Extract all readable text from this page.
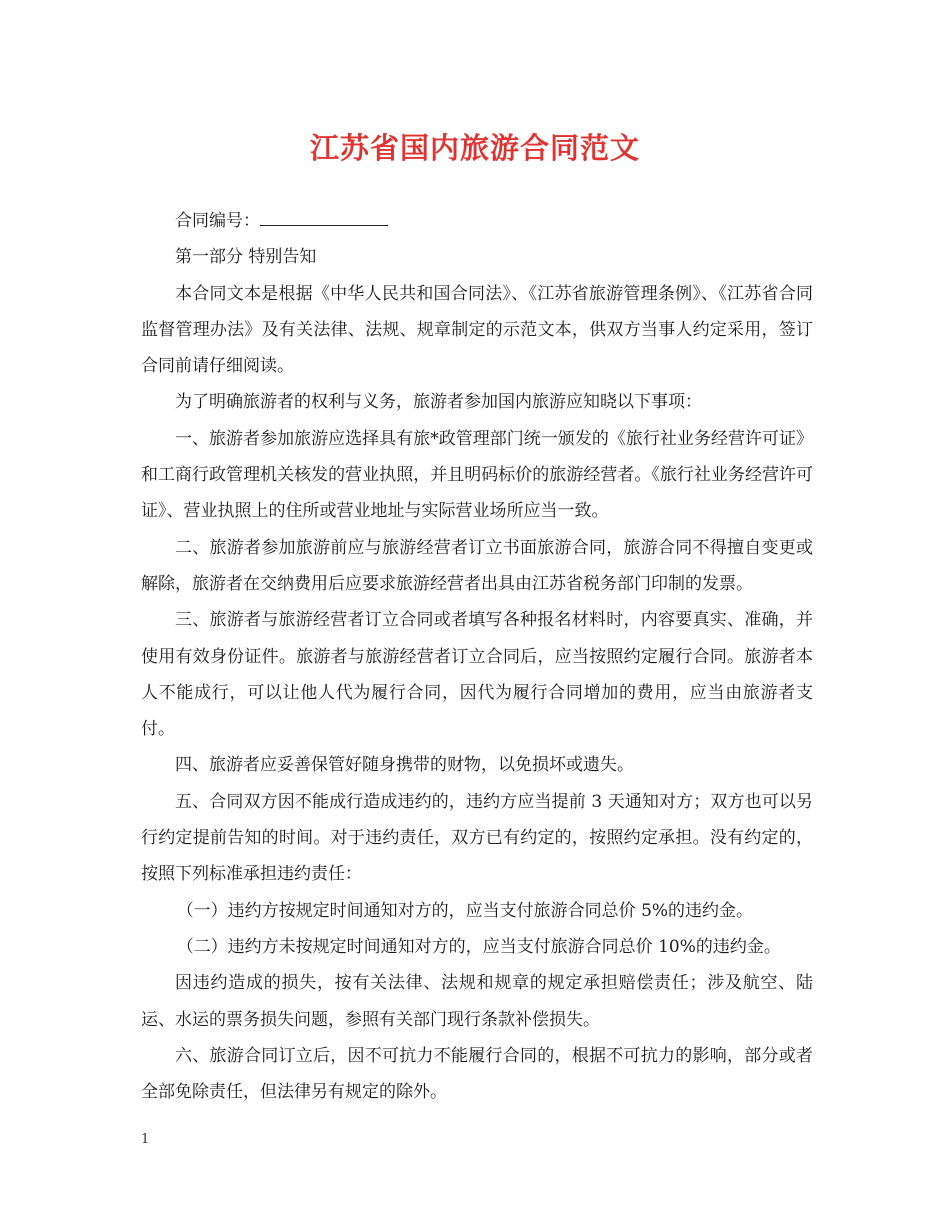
江苏省国内旅游合同范文

合同编号：

第一部分 特别告知

本合同文本是根据《中华人民共和国合同法》、《江苏省旅游管理条例》、《江苏省合同监督管理办法》及有关法律、法规、规章制定的示范文本，供双方当事人约定采用，签订合同前请仔细阅读。

为了明确旅游者的权利与义务，旅游者参加国内旅游应知晓以下事项：

一、旅游者参加旅游应选择具有旅*政管理部门统一颁发的《旅行社业务经营许可证》和工商行政管理机关核发的营业执照，并且明码标价的旅游经营者。《旅行社业务经营许可证》、营业执照上的住所或营业地址与实际营业场所应当一致。

二、旅游者参加旅游前应与旅游经营者订立书面旅游合同，旅游合同不得擅自变更或解除，旅游者在交纳费用后应要求旅游经营者出具由江苏省税务部门印制的发票。

三、旅游者与旅游经营者订立合同或者填写各种报名材料时，内容要真实、准确，并使用有效身份证件。旅游者与旅游经营者订立合同后，应当按照约定履行合同。旅游者本人不能成行，可以让他人代为履行合同，因代为履行合同增加的费用，应当由旅游者支付。

四、旅游者应妥善保管好随身携带的财物，以免损坏或遗失。

五、合同双方因不能成行造成违约的，违约方应当提前 3 天通知对方；双方也可以另行约定提前告知的时间。对于违约责任，双方已有约定的，按照约定承担。没有约定的，按照下列标准承担违约责任：

（一）违约方按规定时间通知对方的，应当支付旅游合同总价 5%的违约金。

（二）违约方未按规定时间通知对方的，应当支付旅游合同总价 10%的违约金。

因违约造成的损失，按有关法律、法规和规章的规定承担赔偿责任；涉及航空、陆运、水运的票务损失问题，参照有关部门现行条款补偿损失。

六、旅游合同订立后，因不可抗力不能履行合同的，根据不可抗力的影响，部分或者全部免除责任，但法律另有规定的除外。

1
